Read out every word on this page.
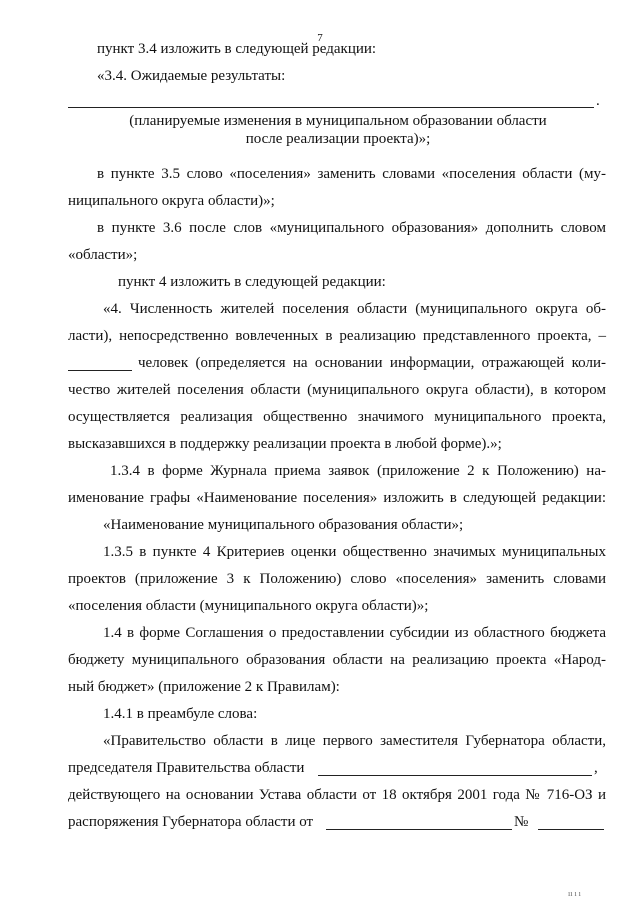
7
пункт 3.4 изложить в следующей редакции:
«3.4. Ожидаемые результаты:
.
(планируемые изменения в муниципальном образовании области
после реализации проекта)»;
в пункте 3.5 слово «поселения» заменить словами «поселения области (му-
ниципального округа области)»;
в пункте 3.6 после слов «муниципального образования» дополнить словом
«области»;
пункт 4 изложить в следующей редакции:
«4. Численность жителей поселения области (муниципального округа об-
ласти), непосредственно вовлеченных в реализацию представленного проекта, –
человек (определяется на основании информации, отражающей коли-
чество жителей поселения области (муниципального округа области), в котором
осуществляется реализация общественно значимого муниципального проекта,
высказавшихся в поддержку реализации проекта в любой форме).»;
1.3.4 в форме Журнала приема заявок (приложение 2 к Положению) на-
именование графы «Наименование поселения» изложить в следующей редакции:
«Наименование муниципального образования области»;
1.3.5 в пункте 4 Критериев оценки общественно значимых муниципальных
проектов (приложение 3 к Положению) слово «поселения» заменить словами
«поселения области (муниципального округа области)»;
1.4 в форме Соглашения о предоставлении субсидии из областного бюджета
бюджету муниципального образования области на реализацию проекта «Народ-
ный бюджет» (приложение 2 к Правилам):
1.4.1 в преамбуле слова:
«Правительство области в лице первого заместителя Губернатора области,
председателя Правительства области	,
действующего на основании Устава области от 18 октября 2001 года № 716-ОЗ и
распоряжения Губернатора области от	№
ıı ı ı
